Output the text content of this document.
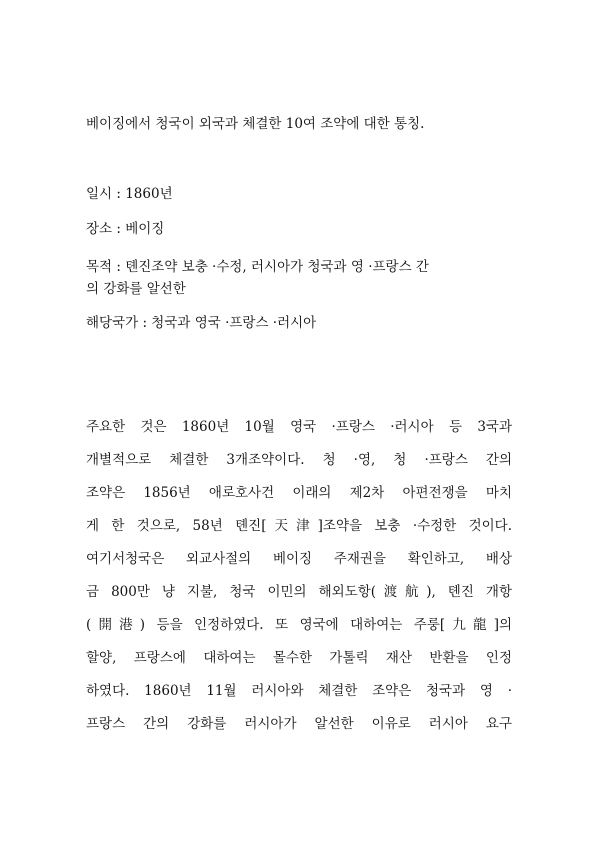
베이징에서 청국이 외국과 체결한 10여 조약에 대한 통칭.
일시 : 1860년
장소 : 베이징
목적 : 톈진조약 보충 ·수정, 러시아가 청국과 영 ·프랑스 간
의 강화를 알선한
해당국가 : 청국과 영국 ·프랑스 ·러시아
주요한 것은 1860년 10월 영국 ·프랑스 ·러시아 등 3국과
개별적으로 체결한 3개조약이다. 청 ·영, 청 ·프랑스 간의
조약은 1856년 애로호사건 이래의 제2차 아편전쟁을 마치
게 한 것으로, 58년 톈진[天津]조약을 보충 ·수정한 것이다.
여기서청국은 외교사절의 베이징 주재권을 확인하고, 배상
금 800만 냥 지불, 청국 이민의 해외도항(渡航), 톈진 개항
(開港) 등을 인정하였다. 또 영국에 대하여는 주룽[九龍]의
할양, 프랑스에 대하여는 몰수한 가톨릭 재산 반환을 인정
하였다. 1860년 11월 러시아와 체결한 조약은 청국과 영 ·
프랑스 간의 강화를 러시아가 알선한 이유로 러시아 요구
